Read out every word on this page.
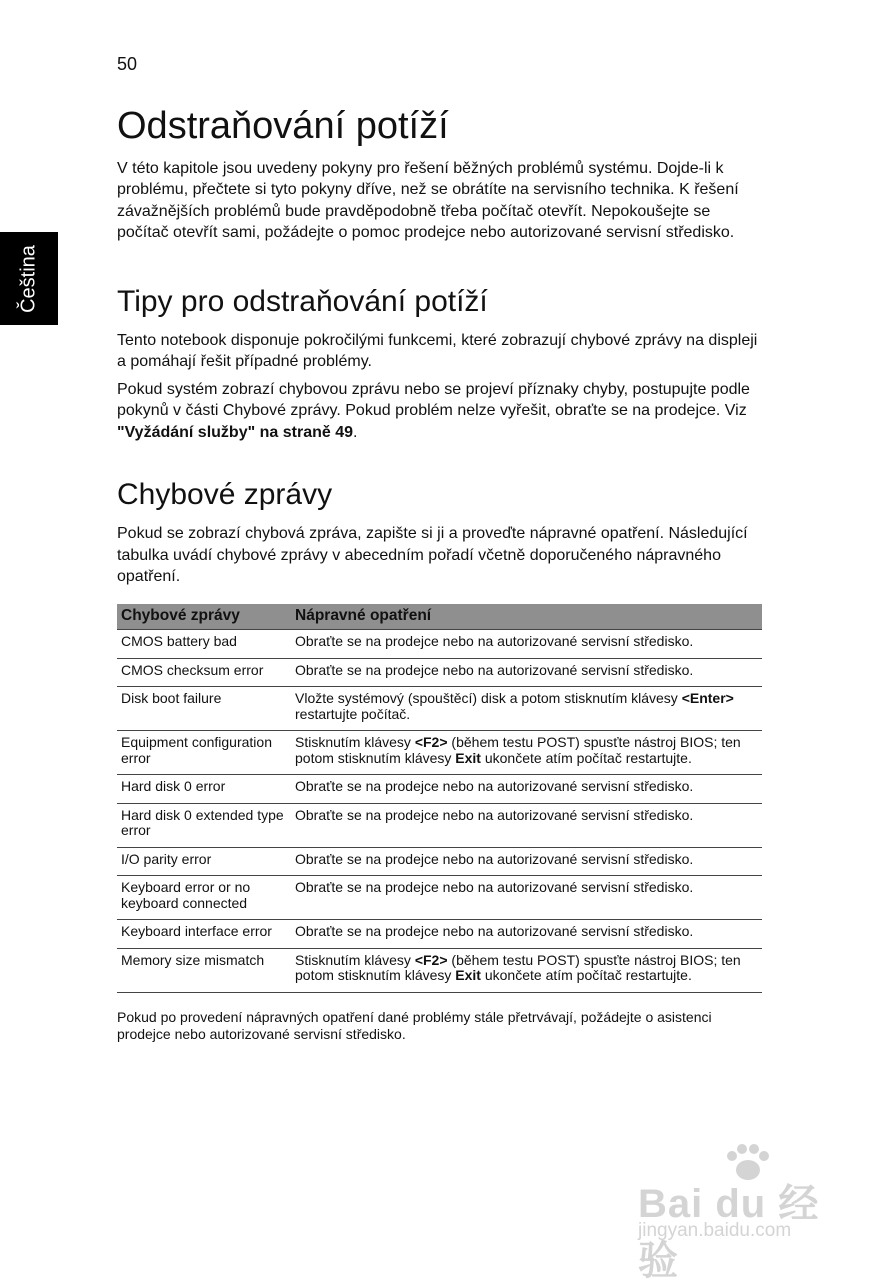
50
Čeština
Odstraňování potíží

V této kapitole jsou uvedeny pokyny pro řešení běžných problémů systému. Dojde-li k problému, přečtete si tyto pokyny dříve, než se obrátíte na servisního technika. K řešení závažnějších problémů bude pravděpodobně třeba počítač otevřít. Nepokoušejte se počítač otevřít sami, požádejte o pomoc prodejce nebo autorizované servisní středisko.

Tipy pro odstraňování potíží

Tento notebook disponuje pokročilými funkcemi, které zobrazují chybové zprávy na displeji a pomáhají řešit případné problémy.

Pokud systém zobrazí chybovou zprávu nebo se projeví příznaky chyby, postupujte podle pokynů v části Chybové zprávy. Pokud problém nelze vyřešit, obraťte se na prodejce. Viz "Vyžádání služby" na straně 49.

Chybové zprávy

Pokud se zobrazí chybová zpráva, zapište si ji a proveďte nápravné opatření. Následující tabulka uvádí chybové zprávy v abecedním pořadí včetně doporučeného nápravného opatření.

Chybové zprávy	Nápravné opatření
CMOS battery bad	Obraťte se na prodejce nebo na autorizované servisní středisko.
CMOS checksum error	Obraťte se na prodejce nebo na autorizované servisní středisko.
Disk boot failure	Vložte systémový (spouštěcí) disk a potom stisknutím klávesy <Enter> restartujte počítač.
Equipment configuration error	Stisknutím klávesy <F2> (během testu POST) spusťte nástroj BIOS; ten potom stisknutím klávesy Exit ukončete atím počítač restartujte.
Hard disk 0 error	Obraťte se na prodejce nebo na autorizované servisní středisko.
Hard disk 0 extended type error	Obraťte se na prodejce nebo na autorizované servisní středisko.
I/O parity error	Obraťte se na prodejce nebo na autorizované servisní středisko.
Keyboard error or no keyboard connected	Obraťte se na prodejce nebo na autorizované servisní středisko.
Keyboard interface error	Obraťte se na prodejce nebo na autorizované servisní středisko.
Memory size mismatch	Stisknutím klávesy <F2> (během testu POST) spusťte nástroj BIOS; ten potom stisknutím klávesy Exit ukončete atím počítač restartujte.

Pokud po provedení nápravných opatření dané problémy stále přetrvávají, požádejte o asistenci prodejce nebo autorizované servisní středisko.

Bai du 经验
jingyan.baidu.com
